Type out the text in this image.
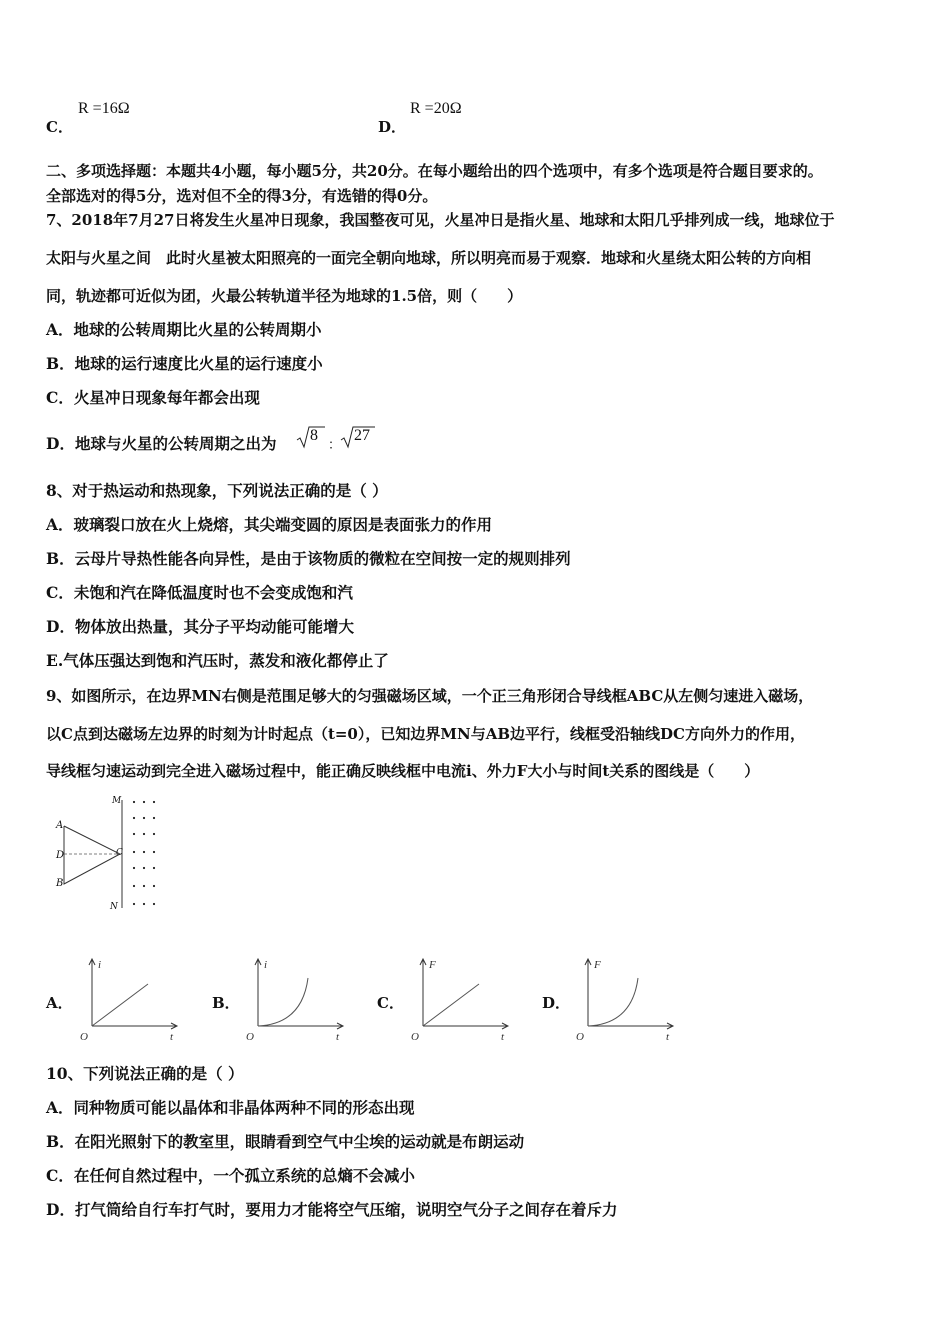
C．
R =16Ω
D．
R =20Ω
二、多项选择题：本题共4小题，每小题5分，共20分。在每小题给出的四个选项中，有多个选项是符合题目要求的。
全部选对的得5分，选对但不全的得3分，有选错的得0分。
7、2018年7月27日将发生火星冲日现象，我国整夜可见，火星冲日是指火星、地球和太阳几乎排列成一线，地球位于
太阳与火星之间　此时火星被太阳照亮的一面完全朝向地球，所以明亮而易于观察．地球和火星绕太阳公转的方向相
同，轨迹都可近似为团，火最公转轨道半径为地球的1.5倍，则（　　）
A．地球的公转周期比火星的公转周期小
B．地球的运行速度比火星的运行速度小
C．火星冲日现象每年都会出现
D．地球与火星的公转周期之出为 8
：
27
8、对于热运动和热现象，下列说法正确的是（ ）
A．玻璃裂口放在火上烧熔，其尖端变圆的原因是表面张力的作用
B．云母片导热性能各向异性，是由于该物质的微粒在空间按一定的规则排列
C．未饱和汽在降低温度时也不会变成饱和汽
D．物体放出热量，其分子平均动能可能增大
E.气体压强达到饱和汽压时，蒸发和液化都停止了
9、如图所示，在边界MN右侧是范围足够大的匀强磁场区域，一个正三角形闭合导线框ABC从左侧匀速进入磁场，
以C点到达磁场左边界的时刻为计时起点（t=0），已知边界MN与AB边平行，线框受沿轴线DC方向外力的作用，
导线框匀速运动到完全进入磁场过程中，能正确反映线框中电流i、外力F大小与时间t关系的图线是（　　）
A
D
B
C
M
N
A．
i
t
O
B．
i
t
O
C．
F
t
O
D．
F
t
O
10、下列说法正确的是（ ）
A．同种物质可能以晶体和非晶体两种不同的形态出现
B．在阳光照射下的教室里，眼睛看到空气中尘埃的运动就是布朗运动
C．在任何自然过程中，一个孤立系统的总熵不会减小
D．打气筒给自行车打气时，要用力才能将空气压缩，说明空气分子之间存在着斥力
